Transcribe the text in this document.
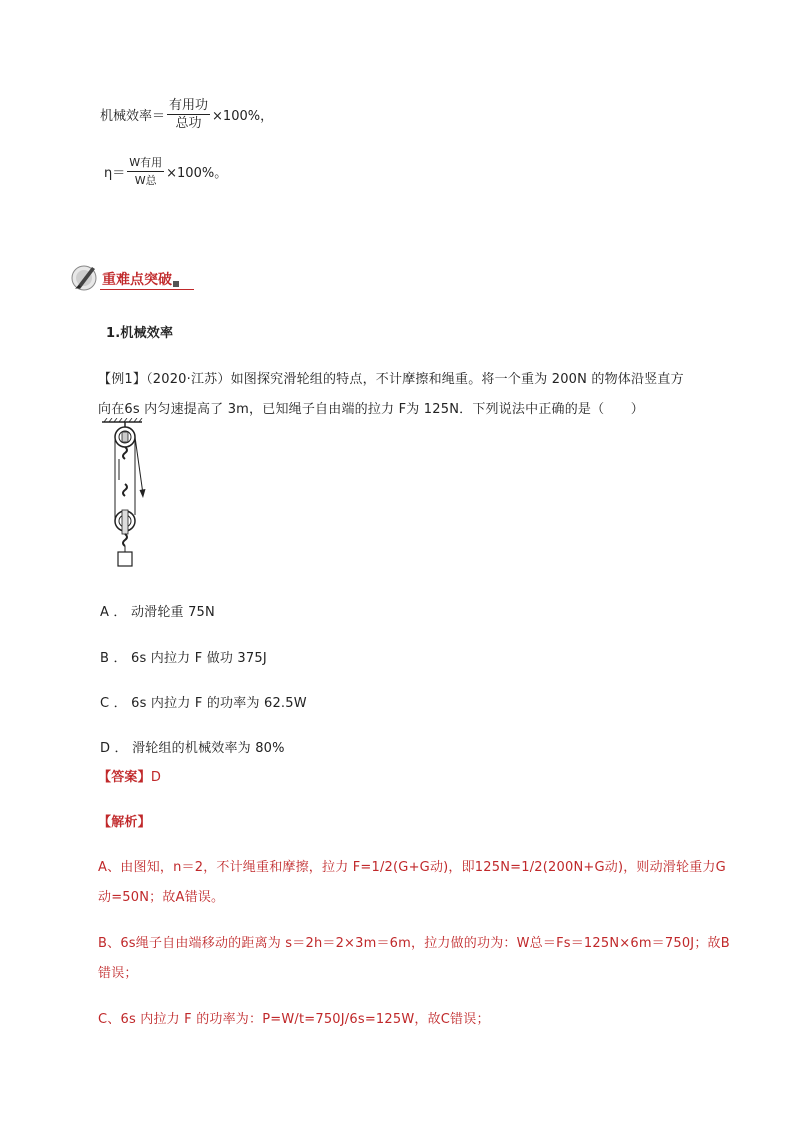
机械效率＝ $\frac{\text{有用功}}{\text{总功}} \times 100\%$，
$\eta= \frac{\text{W有用}}{\text{W总}} \times 100\%$。
重难点突破
1.机械效率
【例1】（2020·江苏）如图探究滑轮组的特点，不计摩擦和绳重。将一个重为 200N 的物体沿竖直方
向在6s 内匀速提高了 3m，已知绳子自由端的拉力 F为 125N．下列说法中正确的是（　　）
A ． 动滑轮重 75N
B ． 6s 内拉力 F 做功 375J
C ． 6s 内拉力 F 的功率为 62.5W
D ． 滑轮组的机械效率为 80%
【答案】D
【解析】
A、由图知，n＝2，不计绳重和摩擦，拉力 F=1/2(G+G动)，即125N=1/2(200N+G动)，则动滑轮重力G
动=50N；故A错误。
B、6s绳子自由端移动的距离为 s＝2h＝2×3m＝6m，拉力做的功为：W总＝Fs＝125N×6m＝750J；故B
错误；
C、6s 内拉力 F 的功率为：P=W/t=750J/6s=125W，故C错误；
